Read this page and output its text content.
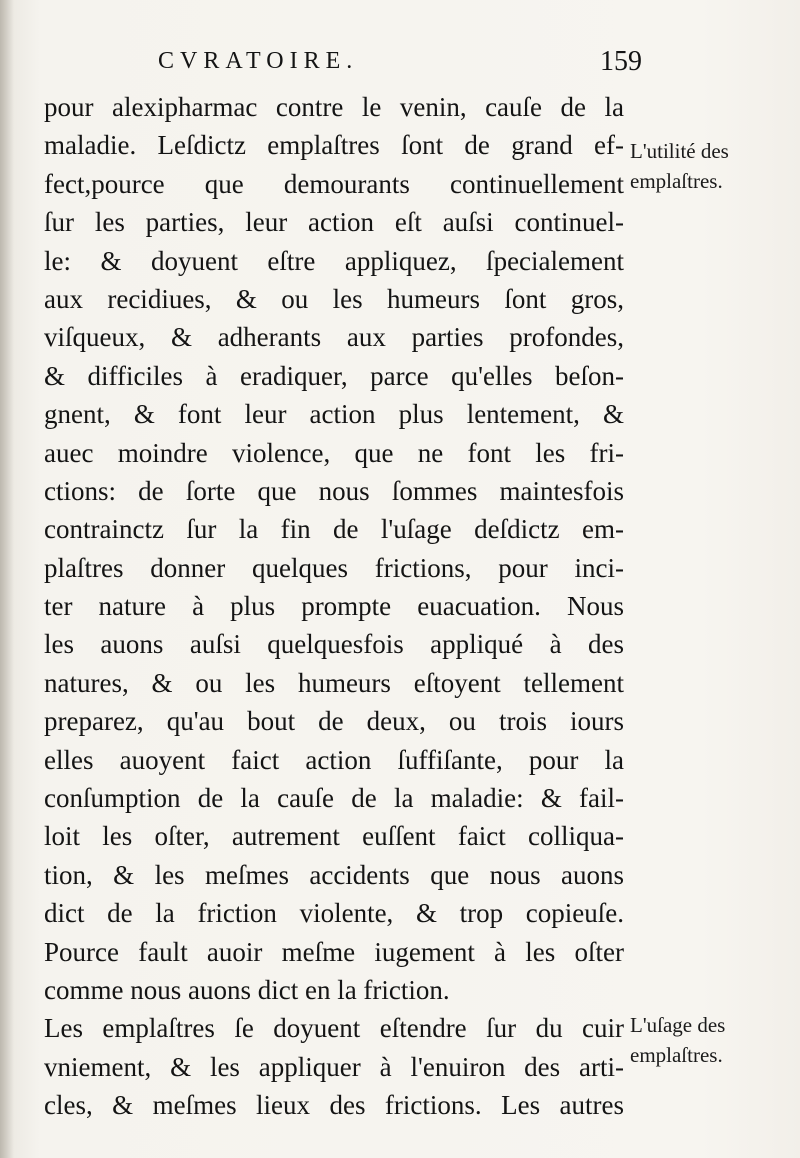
CVRATOIRE.	159
pour alexipharmac contre le venin, cauſe de la
maladie. Leſdictz emplaſtres ſont de grand ef-
fect,pource que demourants continuellement
ſur les parties, leur action eſt auſsi continuel-
le: & doyuent eſtre appliquez, ſpecialement
aux recidiues, & ou les humeurs ſont gros,
viſqueux, & adherants aux parties profondes,
& difficiles à eradiquer, parce qu'elles beſon-
gnent, & font leur action plus lentement, &
auec moindre violence, que ne font les fri-
ctions: de ſorte que nous ſommes maintesfois
contrainctz ſur la fin de l'uſage deſdictz em-
plaſtres donner quelques frictions, pour inci-
ter nature à plus prompte euacuation. Nous
les auons auſsi quelquesfois appliqué à des
natures, & ou les humeurs eſtoyent tellement
preparez, qu'au bout de deux, ou trois iours
elles auoyent faict action ſuffiſante, pour la
conſumption de la cauſe de la maladie: & fail-
loit les oſter, autrement euſſent faict colliqua-
tion, & les meſmes accidents que nous auons
dict de la friction violente, & trop copieuſe.
Pource fault auoir meſme iugement à les oſter
comme nous auons dict en la friction.
Les emplaſtres ſe doyuent eſtendre ſur du cuir
vniement, & les appliquer à l'enuiron des arti-
cles, & meſmes lieux des frictions. Les autres
L'utilité des
emplaſtres.
L'uſage des
emplaſtres.
